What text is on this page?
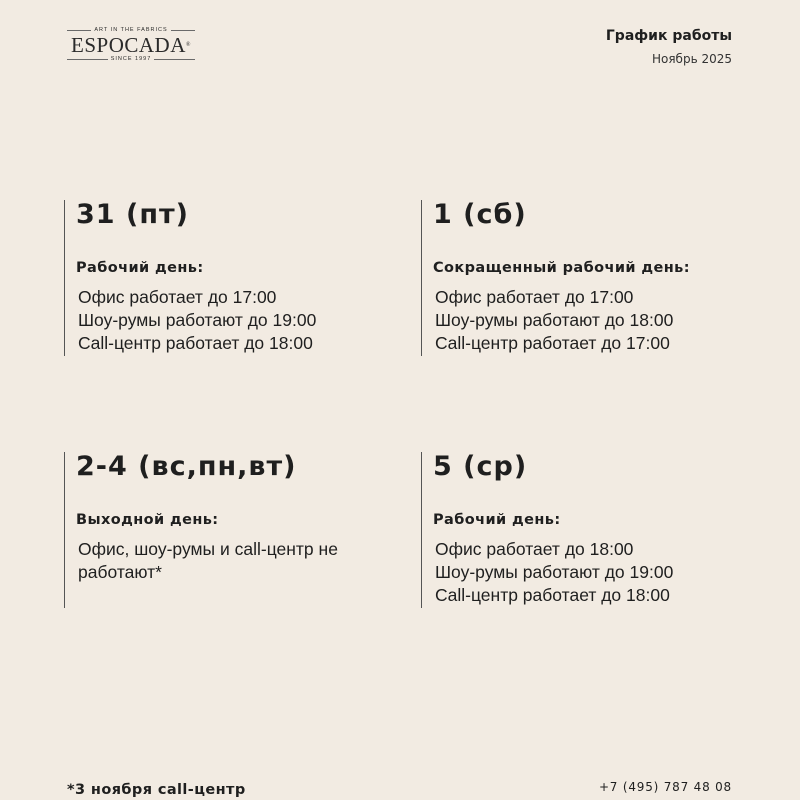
ART IN THE FABRICS
ESPOCADA®
SINCE 1997
График работы
Ноябрь 2025
31 (пт)
Рабочий день:
Офис работает до 17:00
Шоу-румы работают до 19:00
Call-центр работает до 18:00
1 (сб)
Сокращенный рабочий день:
Офис работает до 17:00
Шоу-румы работают до 18:00
Call-центр работает до 17:00
2-4 (вс,пн,вт)
Выходной день:
Офис, шоу-румы и call-центр не работают*
5 (ср)
Рабочий день:
Офис работает до 18:00
Шоу-румы работают до 19:00
Call-центр работает до 18:00
*3 ноября call-центр	+7 (495) 787 48 08
